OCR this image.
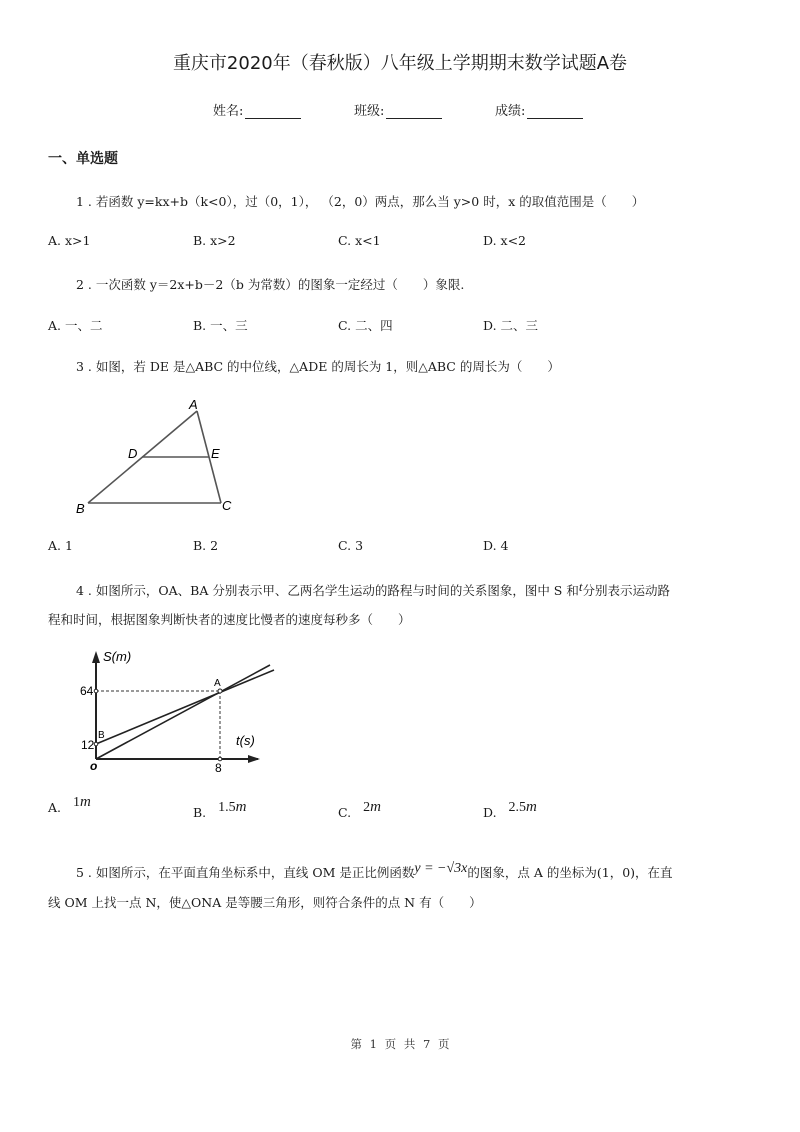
重庆市2020年（春秋版）八年级上学期期末数学试题A卷
姓名:	班级:	成绩:
一、单选题
1 . 若函数 y=kx+b（k<0），过（0，1）， （2，0）两点，那么当 y>0 时，x 的取值范围是（　　）
A. x>1	B. x>2	C. x<1	D. x<2
2 . 一次函数 y＝2x+b－2（b 为常数）的图象一定经过（　　）象限.
A. 一、二	B. 一、三	C. 二、四	D. 二、三
3 . 如图，若 DE 是△ABC 的中位线，△ADE 的周长为 1，则△ABC 的周长为（　　）
A
D	E
B	C
A. 1	B. 2	C. 3	D. 4
4 . 如图所示，OA、BA 分别表示甲、乙两名学生运动的路程与时间的关系图象，图中 S 和t分别表示运动路
程和时间，根据图象判断快者的速度比慢者的速度每秒多（　　）
S(m)
t(s)
64
12
8
o
A
B
A. 1m
B. 1.5m	C. 2m	D. 2.5m
5 . 如图所示，在平面直角坐标系中，直线 OM 是正比例函数y = −√3x的图象，点 A 的坐标为(1，0)，在直
线 OM 上找一点 N，使△ONA 是等腰三角形，则符合条件的点 N 有（　　）
第 1 页 共 7 页
